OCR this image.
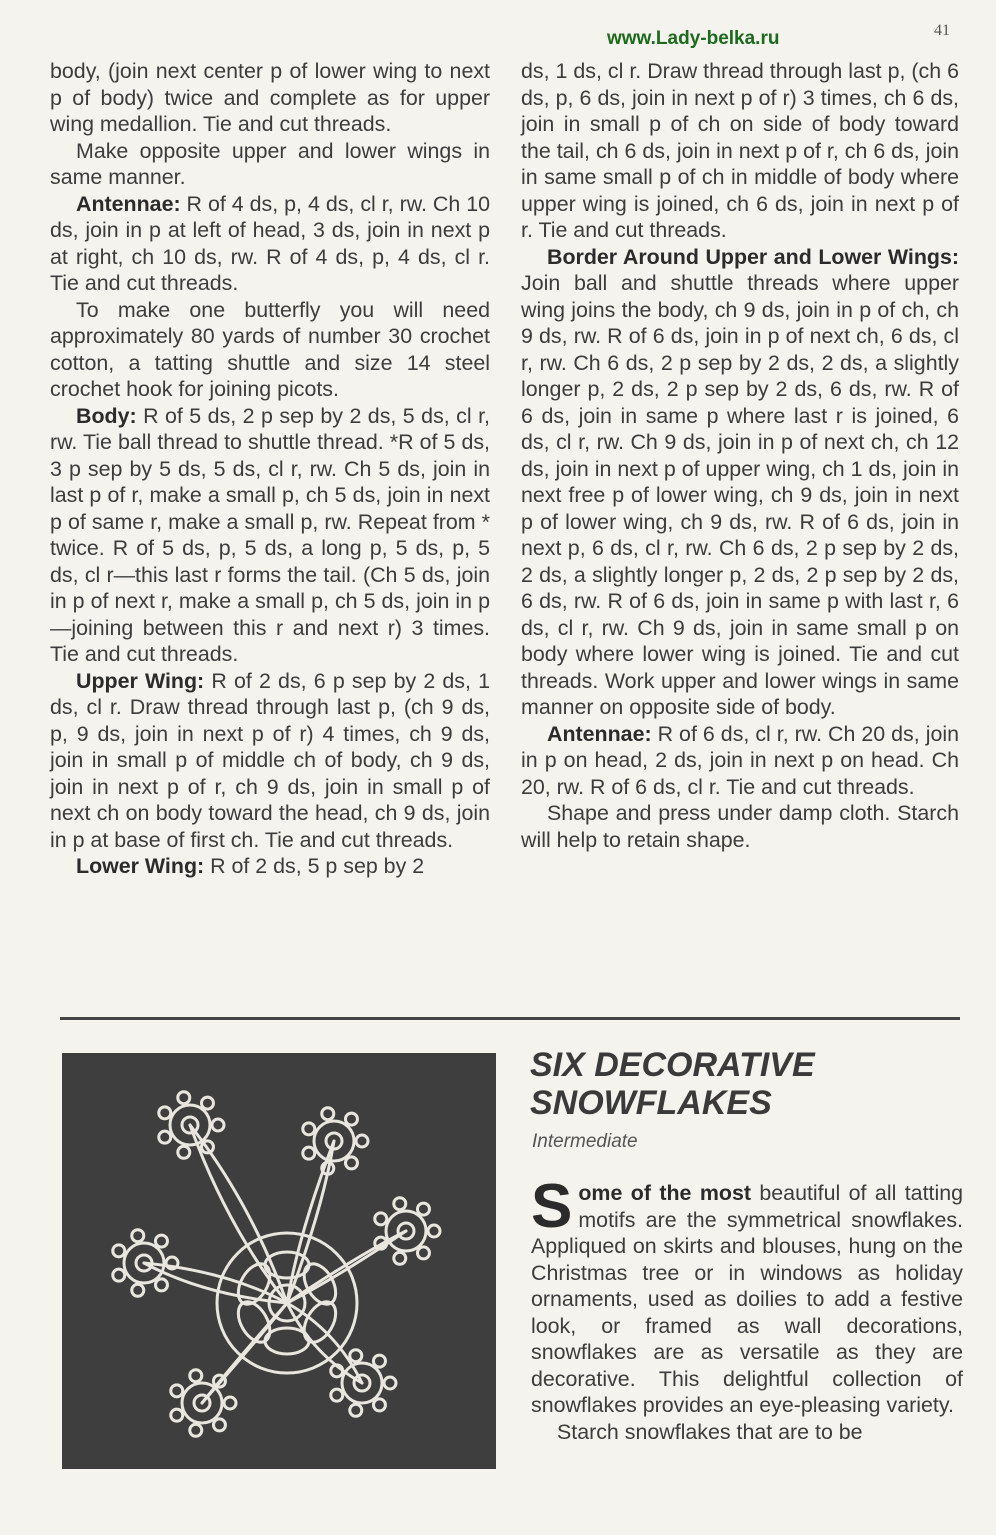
www.Lady-belka.ru	41

body, (join next center p of lower wing to next p of body) twice and complete as for upper wing medallion. Tie and cut threads.

Make opposite upper and lower wings in same manner.

Antennae: R of 4 ds, p, 4 ds, cl r, rw. Ch 10 ds, join in p at left of head, 3 ds, join in next p at right, ch 10 ds, rw. R of 4 ds, p, 4 ds, cl r. Tie and cut threads.

To make one butterfly you will need approximately 80 yards of number 30 crochet cotton, a tatting shuttle and size 14 steel crochet hook for joining picots.

Body: R of 5 ds, 2 p sep by 2 ds, 5 ds, cl r, rw. Tie ball thread to shuttle thread. *R of 5 ds, 3 p sep by 5 ds, 5 ds, cl r, rw. Ch 5 ds, join in last p of r, make a small p, ch 5 ds, join in next p of same r, make a small p, rw. Repeat from * twice. R of 5 ds, p, 5 ds, a long p, 5 ds, p, 5 ds, cl r—this last r forms the tail. (Ch 5 ds, join in p of next r, make a small p, ch 5 ds, join in p—joining between this r and next r) 3 times. Tie and cut threads.

Upper Wing: R of 2 ds, 6 p sep by 2 ds, 1 ds, cl r. Draw thread through last p, (ch 9 ds, p, 9 ds, join in next p of r) 4 times, ch 9 ds, join in small p of middle ch of body, ch 9 ds, join in next p of r, ch 9 ds, join in small p of next ch on body toward the head, ch 9 ds, join in p at base of first ch. Tie and cut threads.

Lower Wing: R of 2 ds, 5 p sep by 2

ds, 1 ds, cl r. Draw thread through last p, (ch 6 ds, p, 6 ds, join in next p of r) 3 times, ch 6 ds, join in small p of ch on side of body toward the tail, ch 6 ds, join in next p of r, ch 6 ds, join in same small p of ch in middle of body where upper wing is joined, ch 6 ds, join in next p of r. Tie and cut threads.

Border Around Upper and Lower Wings: Join ball and shuttle threads where upper wing joins the body, ch 9 ds, join in p of ch, ch 9 ds, rw. R of 6 ds, join in p of next ch, 6 ds, cl r, rw. Ch 6 ds, 2 p sep by 2 ds, 2 ds, a slightly longer p, 2 ds, 2 p sep by 2 ds, 6 ds, rw. R of 6 ds, join in same p where last r is joined, 6 ds, cl r, rw. Ch 9 ds, join in p of next ch, ch 12 ds, join in next p of upper wing, ch 1 ds, join in next free p of lower wing, ch 9 ds, join in next p of lower wing, ch 9 ds, rw. R of 6 ds, join in next p, 6 ds, cl r, rw. Ch 6 ds, 2 p sep by 2 ds, 2 ds, a slightly longer p, 2 ds, 2 p sep by 2 ds, 6 ds, rw. R of 6 ds, join in same p with last r, 6 ds, cl r, rw. Ch 9 ds, join in same small p on body where lower wing is joined. Tie and cut threads. Work upper and lower wings in same manner on opposite side of body.

Antennae: R of 6 ds, cl r, rw. Ch 20 ds, join in p on head, 2 ds, join in next p on head. Ch 20, rw. R of 6 ds, cl r. Tie and cut threads.

Shape and press under damp cloth. Starch will help to retain shape.

SIX DECORATIVE
SNOWFLAKES
Intermediate

Some of the most beautiful of all tatting motifs are the symmetrical snowflakes. Appliqued on skirts and blouses, hung on the Christmas tree or in windows as holiday ornaments, used as doilies to add a festive look, or framed as wall decorations, snowflakes are as versatile as they are decorative. This delightful collection of snowflakes provides an eye-pleasing variety.

Starch snowflakes that are to be
